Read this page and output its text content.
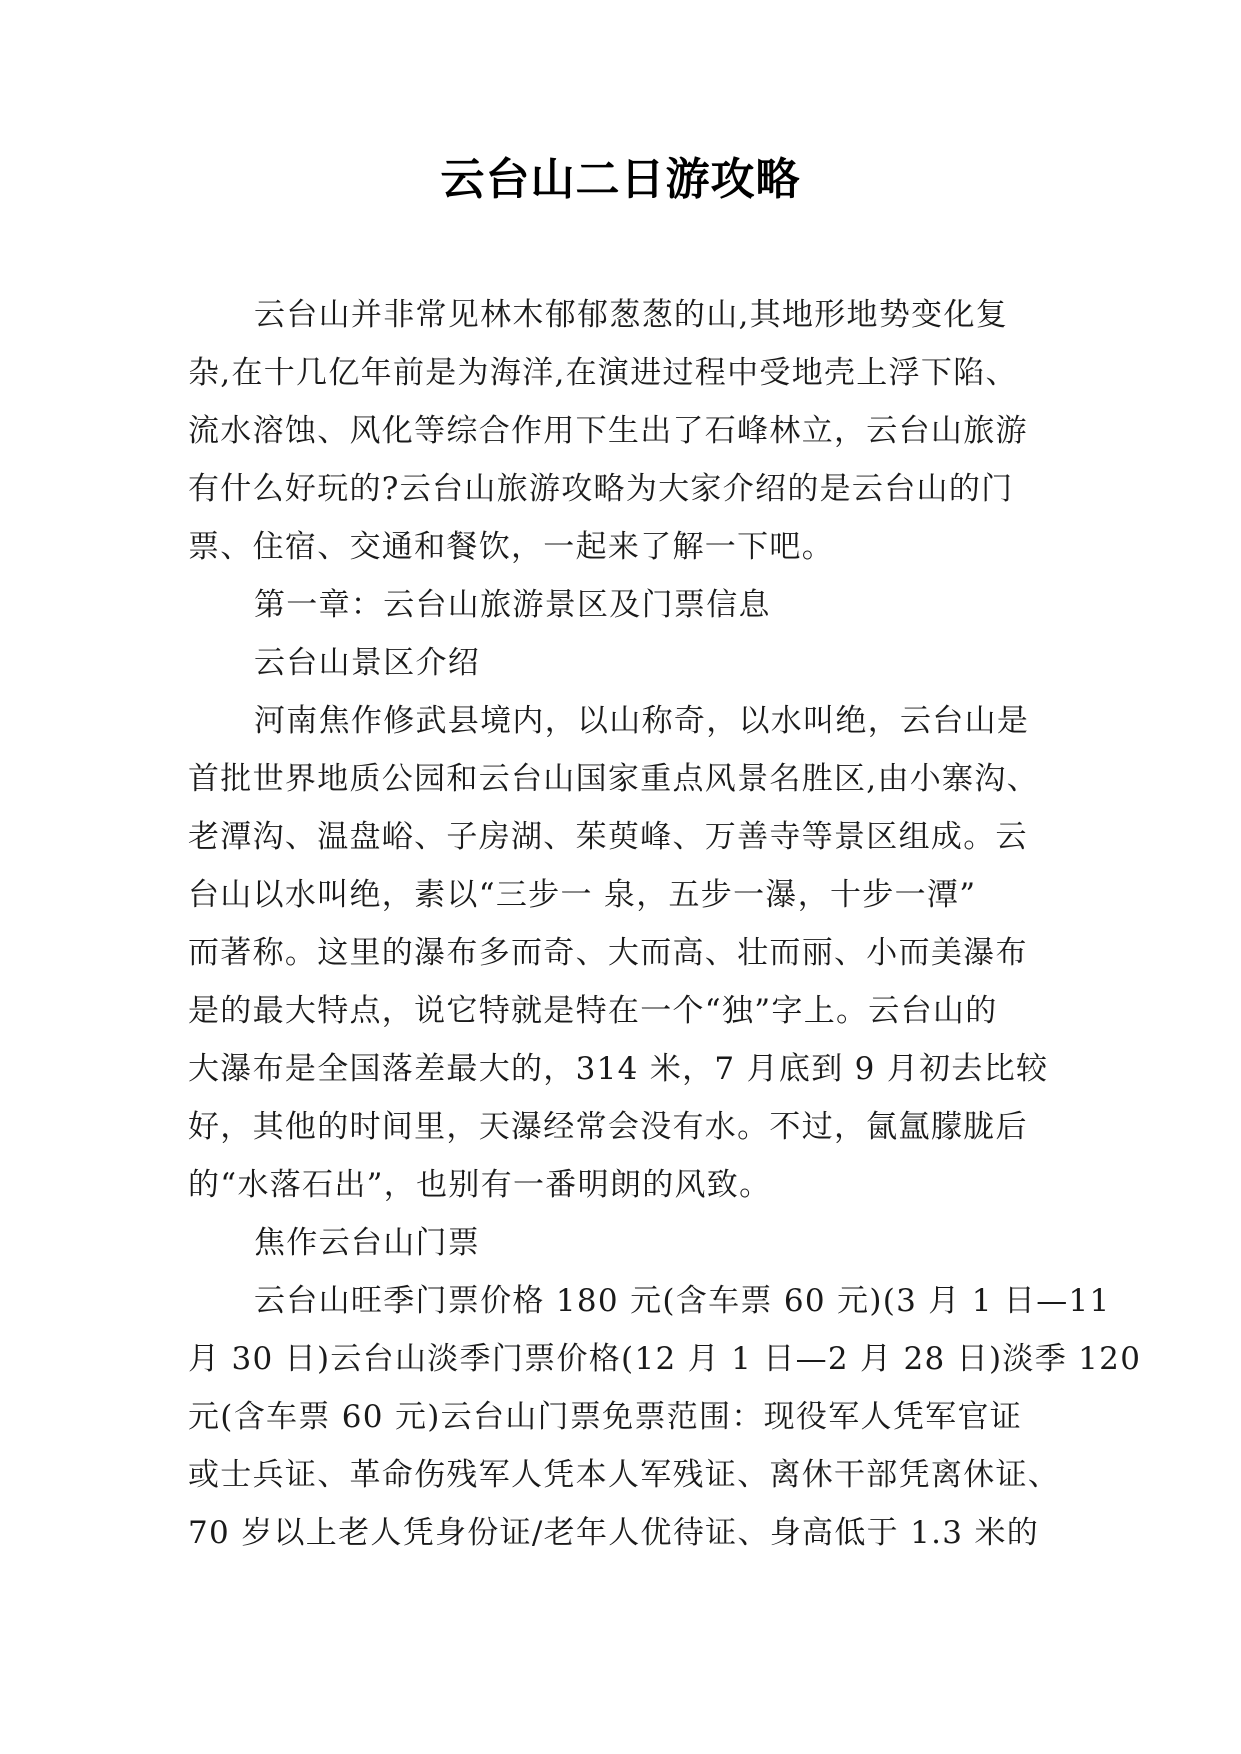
云台山二日游攻略
云台山并非常见林木郁郁葱葱的山,其地形地势变化复
杂,在十几亿年前是为海洋,在演进过程中受地壳上浮下陷、
流水溶蚀、风化等综合作用下生出了石峰林立，云台山旅游
有什么好玩的?云台山旅游攻略为大家介绍的是云台山的门
票、住宿、交通和餐饮，一起来了解一下吧。
第一章：云台山旅游景区及门票信息
云台山景区介绍
河南焦作修武县境内，以山称奇，以水叫绝，云台山是
首批世界地质公园和云台山国家重点风景名胜区,由小寨沟、
老潭沟、温盘峪、子房湖、茱萸峰、万善寺等景区组成。云
台山以水叫绝，素以“三步一 泉，五步一瀑，十步一潭”
而著称。这里的瀑布多而奇、大而高、壮而丽、小而美瀑布
是的最大特点，说它特就是特在一个“独”字上。云台山的
大瀑布是全国落差最大的，314 米，7 月底到 9 月初去比较
好，其他的时间里，天瀑经常会没有水。不过，氤氲朦胧后
的“水落石出”，也别有一番明朗的风致。
焦作云台山门票
云台山旺季门票价格 180 元(含车票 60 元)(3 月 1 日—11
月 30 日)云台山淡季门票价格(12 月 1 日—2 月 28 日)淡季 120
元(含车票 60 元)云台山门票免票范围：现役军人凭军官证
或士兵证、革命伤残军人凭本人军残证、离休干部凭离休证、
70 岁以上老人凭身份证/老年人优待证、身高低于 1.3 米的
